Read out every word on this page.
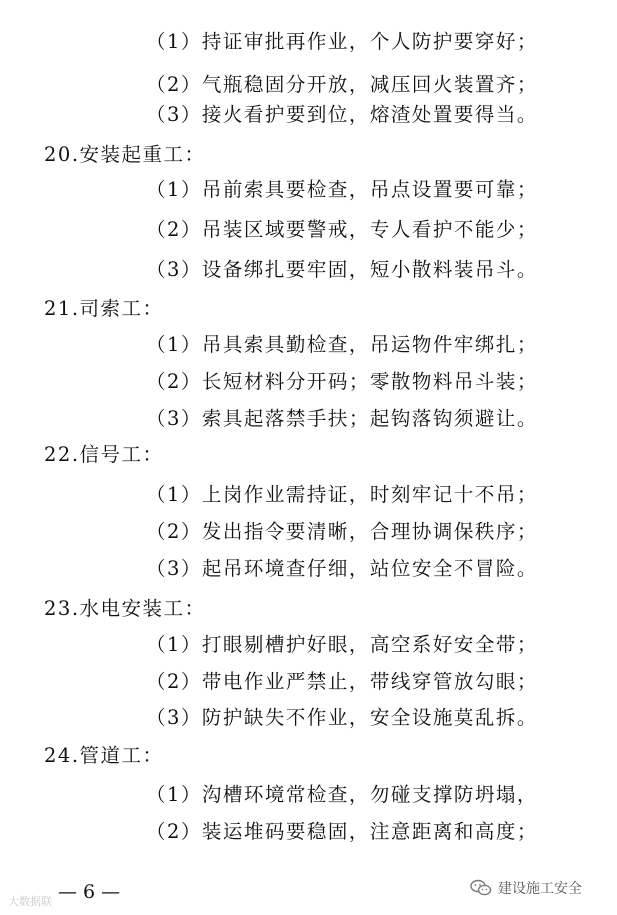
（1）持证审批再作业，个人防护要穿好；
（2）气瓶稳固分开放，减压回火装置齐；
（3）接火看护要到位，熔渣处置要得当。
20.安装起重工：
（1）吊前索具要检查，吊点设置要可靠；
（2）吊装区域要警戒，专人看护不能少；
（3）设备绑扎要牢固，短小散料装吊斗。
21.司索工：
（1）吊具索具勤检查，吊运物件牢绑扎；
（2）长短材料分开码；零散物料吊斗装；
（3）索具起落禁手扶；起钩落钩须避让。
22.信号工：
（1）上岗作业需持证，时刻牢记十不吊；
（2）发出指令要清晰，合理协调保秩序；
（3）起吊环境查仔细，站位安全不冒险。
23.水电安装工：
（1）打眼剔槽护好眼，高空系好安全带；
（2）带电作业严禁止，带线穿管放勾眼；
（3）防护缺失不作业，安全设施莫乱拆。
24.管道工：
（1）沟槽环境常检查，勿碰支撑防坍塌，
（2）装运堆码要稳固，注意距离和高度；
— 6 —
大数据联
建设施工安全
